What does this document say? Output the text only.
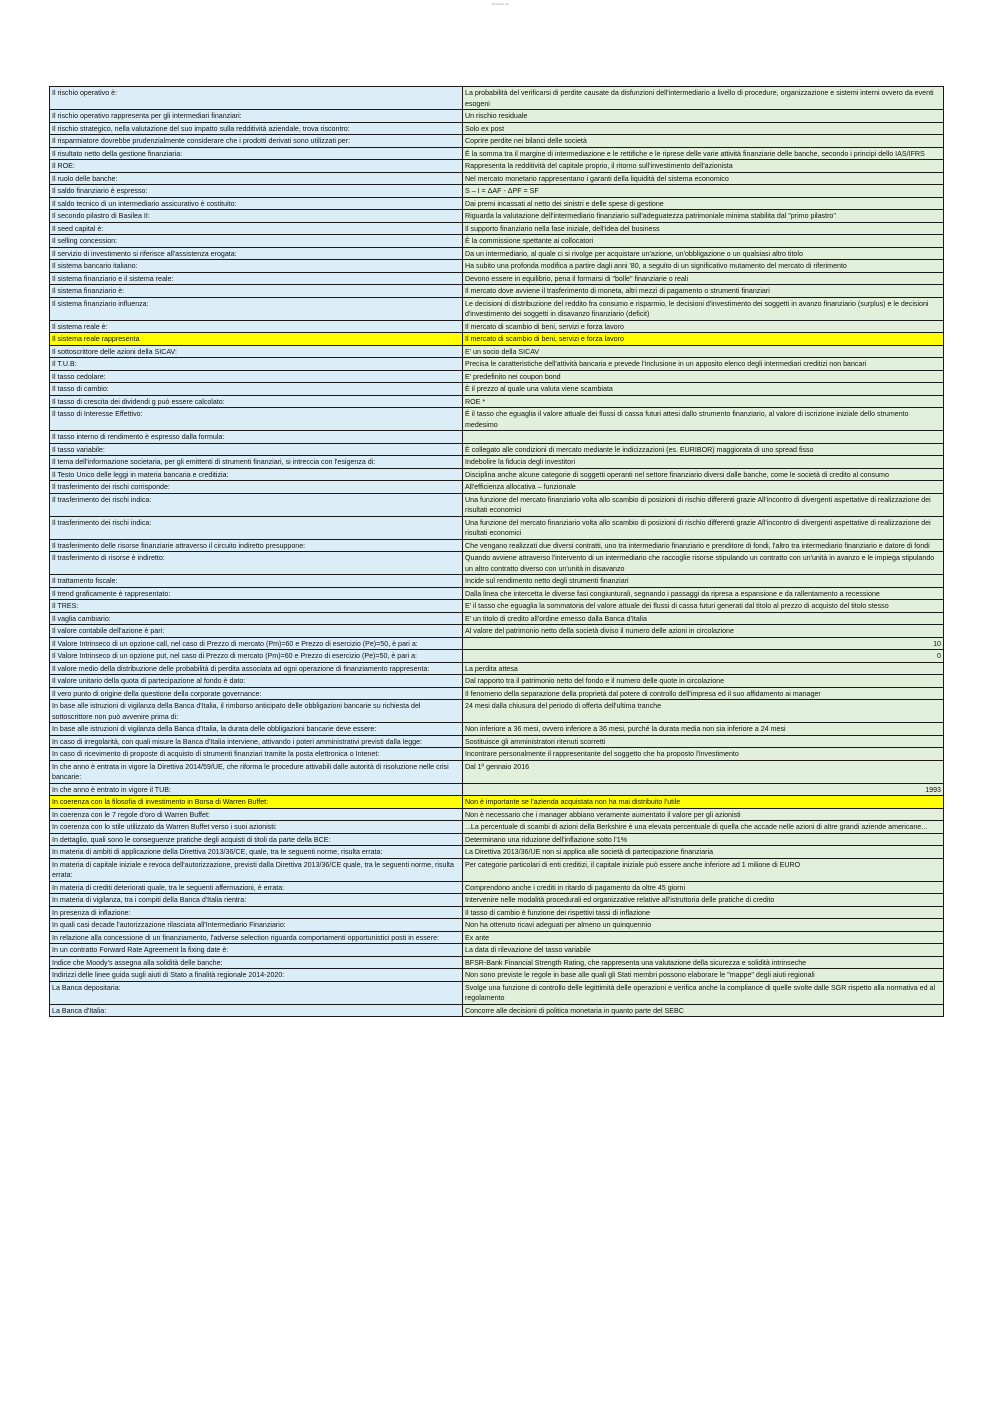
Scaricato da
Il rischio operativo è:	La probabilità del verificarsi di perdite causate da disfunzioni dell'intermediario a livello di procedure, organizzazione e sistemi interni ovvero da eventi esogeni
Il rischio operativo rappresenta per gli intermediari finanziari:	Un rischio residuale
Il rischio strategico, nella valutazione del suo impatto sulla redditività aziendale, trova riscontro:	Solo ex post
Il risparmiatore dovrebbe prudenzialmente considerare che i prodotti derivati sono utilizzati per:	Coprire perdite nei bilanci delle società
Il risultato netto della gestione finanziaria:	É la somma tra il margine di intermediazione e le rettifiche e le riprese delle varie attività finanziarie delle banche, secondo i principi dello IAS/IFRS
Il ROE:	Rappresenta la redditività del capitale proprio, il ritorno sull'investimento dell'azionista
Il ruolo delle banche:	Nel mercato monetario rappresentano i garanti della liquidità del sistema economico
Il saldo finanziario è espresso:	S – I = ΔAF - ΔPF = SF
Il saldo tecnico di un intermediario assicurativo è costituito:	Dai premi incassati al netto dei sinistri e delle spese di gestione
Il secondo pilastro di Basilea II:	Riguarda la valutazione dell'intermediario finanziario sull'adeguatezza patrimoniale minima stabilita dal "primo pilastro"
Il seed capital è:	Il supporto finanziario nella fase iniziale, dell'idea del business
Il selling concession:	È la commissione spettante ai collocatori
Il servizio di investimento si riferisce all'assistenza erogata:	Da un intermediario, al quale ci si rivolge per acquistare un'azione, un'obbligazione o un qualsiasi altro titolo
Il sistema bancario italiano:	Ha subito una profonda modifica a partire dagli anni '80, a seguito di un significativo mutamento del mercato di riferimento
Il sistema finanziario e il sistema reale:	Devono essere in equilibrio, pena il formarsi di "bolle" finanziarie o reali
Il sistema finanziario è:	Il mercato dove avviene il trasferimento di moneta, altri mezzi di pagamento o strumenti finanziari
Il sistema finanziario influenza:	Le decisioni di distribuzione del reddito fra consumo e risparmio, le decisioni d'investimento dei soggetti in avanzo finanziario (surplus) e le decisioni d'investimento dei soggetti in disavanzo finanziario (deficit)
Il sistema reale è:	Il mercato di scambio di beni, servizi e forza lavoro
Il sistema reale rappresenta	Il mercato di scambio di beni, servizi e forza lavoro
Il sottoscrittore delle azioni della SICAV:	E' un socio della SICAV
Il T.U.B:	Precisa le caratteristiche dell'attività bancaria e prevede l'inclusione in un apposito elenco degli intermediari creditizi non bancari
Il tasso cedolare:	E' predefinito nei coupon bond
Il tasso di cambio:	È il prezzo al quale una valuta viene scambiata
Il tasso di crescita dei dividendi g può essere calcolato:	ROE *
Il tasso di Interesse Effettivo:	É il tasso che eguaglia il valore attuale dei flussi di cassa futuri attesi dallo strumento finanziario, al valore di iscrizione iniziale dello strumento medesimo
Il tasso interno di rendimento è espresso dalla formula:	
Il tasso variabile:	È collegato alle condizioni di mercato mediante le indicizzazioni (es. EURIBOR) maggiorata di uno spread fisso
Il tema dell'informazione societaria, per gli emittenti di strumenti finanziari, si intreccia con l'esigenza di:	Indebolire la fiducia degli investitori
Il Testo Unico delle leggi in materia bancaria e creditizia:	Disciplina anche alcune categorie di soggetti operanti nel settore finanziario diversi dalle banche, come le società di credito al consumo
Il trasferimento dei rischi corrisponde:	All'efficienza allocativa – funzionale
Il trasferimento dei rischi indica:	Una funzione del mercato finanziario volta allo scambio di posizioni di rischio differenti grazie All'incontro di divergenti aspettative di realizzazione dei risultati economici
Il trasferimento dei rischi indica:	Una funzione del mercato finanziario volta allo scambio di posizioni di rischio differenti grazie All'incontro di divergenti aspettative di realizzazione dei risultati economici
Il trasferimento delle risorse finanziarie attraverso il circuito indiretto presuppone:	Che vengano realizzati due diversi contratti, uno tra intermediario finanziario e prenditore di fondi, l'altro tra intermediario finanziario e datore di fondi
Il trasferimento di risorse è indiretto:	Quando avviene attraverso l'intervento di un intermediario che raccoglie risorse stipulando un contratto con un'unità in avanzo e le impiega stipulando un altro contratto diverso con un'unità in disavanzo
Il trattamento fiscale:	Incide sul rendimento netto degli strumenti finanziari
Il trend graficamente è rappresentato:	Dalla linea che intercetta le diverse fasi congiunturali, segnando i passaggi da ripresa a espansione e da rallentamento a recessione
Il TRES:	E' il tasso che eguaglia la sommatoria del valore attuale dei flussi di cassa futuri generati dal titolo al prezzo di acquisto del titolo stesso
Il vaglia cambiario:	E' un titolo di credito all'ordine emesso dalla Banca d'Italia
Il valore contabile dell'azione è pari:	Al valore del patrimonio netto della società diviso il numero delle azioni in circolazione
Il Valore Intrinseco di un opzione call, nel caso di Prezzo di mercato (Pm)=60 e Prezzo di esercizio (Pe)=50, è pari a:	10
Il Valore Intrinseco di un opzione put, nel caso di Prezzo di mercato (Pm)=60 e Prezzo di esercizio (Pe)=50, è pari a:	0
Il valore medio della distribuzione delle probabilità di perdita associata ad ogni operazione di finanziamento rappresenta:	La perdita attesa
Il valore unitario della quota di partecipazione al fondo è dato:	Dal rapporto tra il patrimonio netto del fondo e il numero delle quote in circolazione
Il vero punto di origine della questione della corporate governance:	Il fenomeno della separazione della proprietà dal potere di controllo dell'impresa ed il suo affidamento ai manager
In base alle istruzioni di vigilanza della Banca d'Italia, il rimborso anticipato delle obbligazioni bancarie su richiesta del sottoscrittore non può avvenire prima di:	24 mesi dalla chiusura del periodo di offerta dell'ultima tranche
In base alle istruzioni di vigilanza della Banca d'Italia, la durata delle obbligazioni bancarie deve essere:	Non inferiore a 36 mesi, ovvero inferiore a 36 mesi, purché la durata media non sia inferiore a 24 mesi
In caso di irregolarità, con quali misure la Banca d'Italia interviene, attivando i poteri amministrativi previsti dalla legge:	Sostituisce gli amministratori ritenuti scorretti
In caso di ricevimento di proposte di acquisto di strumenti finanziari tramite la posta elettronica o Intenet:	Incontrare personalmente il rappresentante del soggetto che ha proposto l'investimento
In che anno è entrata in vigore la Direttiva 2014/59/UE, che riforma le procedure attivabili dalle autorità di risoluzione nelle crisi bancarie:	Dal 1º gennaio 2016
In che anno è entrato in vigore il TUB:	1993
In coerenza con la filosofia di investimento in Borsa di Warren Buffet:	Non è importante se l'azienda acquistata non ha mai distribuito l'utile
In coerenza con le 7 regole d'oro di Warren Buffet:	Non è necessario che i manager abbiano veramente aumentato il valore per gli azionisti
In coerenza con lo stile utilizzato da Warren Buffet verso i suoi azionisti:	...La percentuale di scambi di azioni della Berkshire è una elevata percentuale di quella che accade nelle azioni di altre grandi aziende americane...
In dettaglio, quali sono le conseguenze pratiche degli acquisti di titoli da parte della BCE:	Determinano una riduzione dell'inflazione sotto l'1%
In materia di ambiti di applicazione della Direttiva 2013/36/CE, quale, tra le seguenti norme, risulta errata:	La Direttiva 2013/36/UE non si applica alle società di partecipazione finanziaria
In materia di capitale iniziale e revoca dell'autorizzazione, previsti dalla Direttiva 2013/36/CE quale, tra le seguenti norme, risulta errata:	Per categorie particolari di enti creditizi, il capitale iniziale può essere anche inferiore ad 1 milione di EURO
In materia di crediti deteriorati quale, tra le seguenti affermazioni, è errata:	Comprendono anche i crediti in ritardo di pagamento da oltre 45 giorni
In materia di vigilanza, tra i compiti della Banca d'Italia rientra:	Intervenire nelle modalità procedurali ed organizzative relative all'istruttoria delle pratiche di credito
In presenza di inflazione:	Il tasso di cambio è funzione dei rispettivi tassi di inflazione
In quali casi decade l'autorizzazione rilasciata all'Intermediario Finanziario:	Non ha ottenuto ricavi adeguati per almeno un quinquennio
In relazione alla concessione di un finanziamento, l'adverse selection riguarda comportamenti opportunistici posti in essere:	Ex ante
In un contratto Forward Rate Agreement la fixing date è:	La data di rilevazione del tasso variabile
Indice che Moody's assegna alla solidità delle banche:	BFSR-Bank Financial Strength Rating, che rappresenta una valutazione della sicurezza e solidità intrinseche
Indirizzi delle linee guida sugli aiuti di Stato a finalità regionale 2014-2020:	Non sono previste le regole in base alle quali gli Stati membri possono elaborare le "mappe" degli aiuti regionali
La Banca depositaria:	Svolge una funzione di controllo delle legittimità delle operazioni e verifica anche la compliance di quelle svolte dalle SGR rispetto alla normativa ed al regolamento
La Banca d'Italia:	Concorre alle decisioni di politica monetaria in quanto parte del SEBC
